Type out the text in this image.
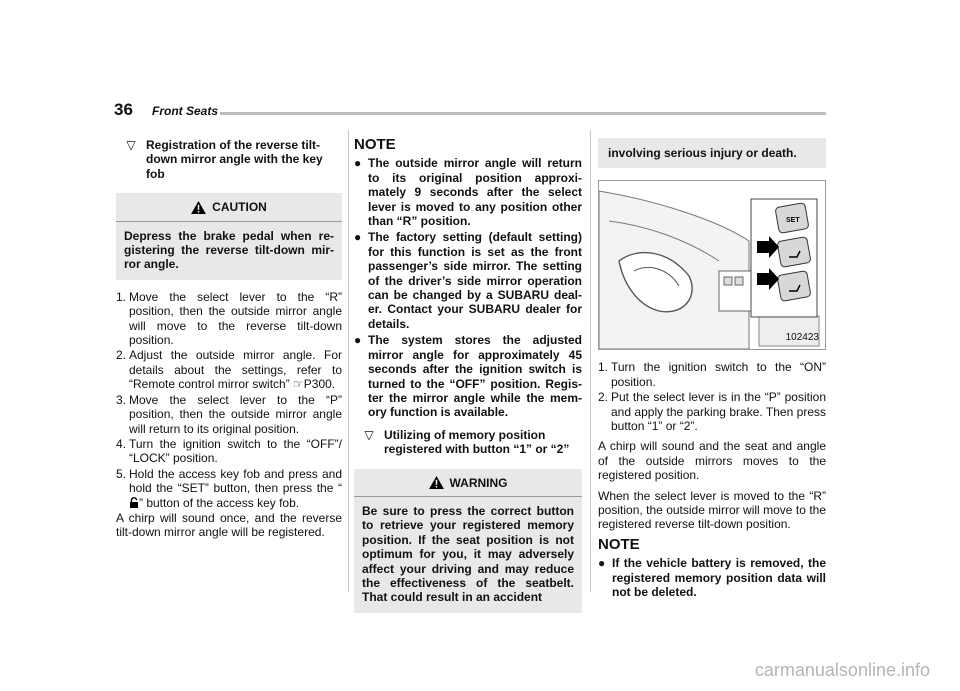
36 Front Seats
▽ Registration of the reverse tilt-down mirror angle with the key fob
CAUTION
Depress the brake pedal when re-gistering the reverse tilt-down mir-ror angle.
1. Move the select lever to the “R” position, then the outside mirror angle will move to the reverse tilt-down position.
2. Adjust the outside mirror angle. For details about the settings, refer to “Remote control mirror switch” ☞P300.
3. Move the select lever to the “P” position, then the outside mirror angle will return to its original position.
4. Turn the ignition switch to the “OFF”/ “LOCK” position.
5. Hold the access key fob and press and hold the “SET” button, then press the “” button of the access key fob.

A chirp will sound once, and the reverse tilt-down mirror angle will be registered.

NOTE
● The outside mirror angle will return to its original position approxi-mately 9 seconds after the select lever is moved to any position other than “R” position.
● The factory setting (default setting) for this function is set as the front passenger’s side mirror. The setting of the driver’s side mirror operation can be changed by a SUBARU deal-er. Contact your SUBARU dealer for details.
● The system stores the adjusted mirror angle for approximately 45 seconds after the ignition switch is turned to the “OFF” position. Regis-ter the mirror angle while the mem-ory function is available.
▽ Utilizing of memory position registered with button “1” or “2”
WARNING
Be sure to press the correct button to retrieve your registered memory position. If the seat position is not optimum for you, it may adversely affect your driving and may reduce the effectiveness of the seatbelt. That could result in an accident
involving serious injury or death.
SET
102423
1. Turn the ignition switch to the “ON” position.
2. Put the select lever is in the “P” position and apply the parking brake. Then press button “1” or “2”.

A chirp will sound and the seat and angle of the outside mirrors moves to the registered position.

When the select lever is moved to the “R” position, the outside mirror will move to the registered reverse tilt-down position.

NOTE
● If the vehicle battery is removed, the registered memory position data will not be deleted.
carmanualsonline.info
